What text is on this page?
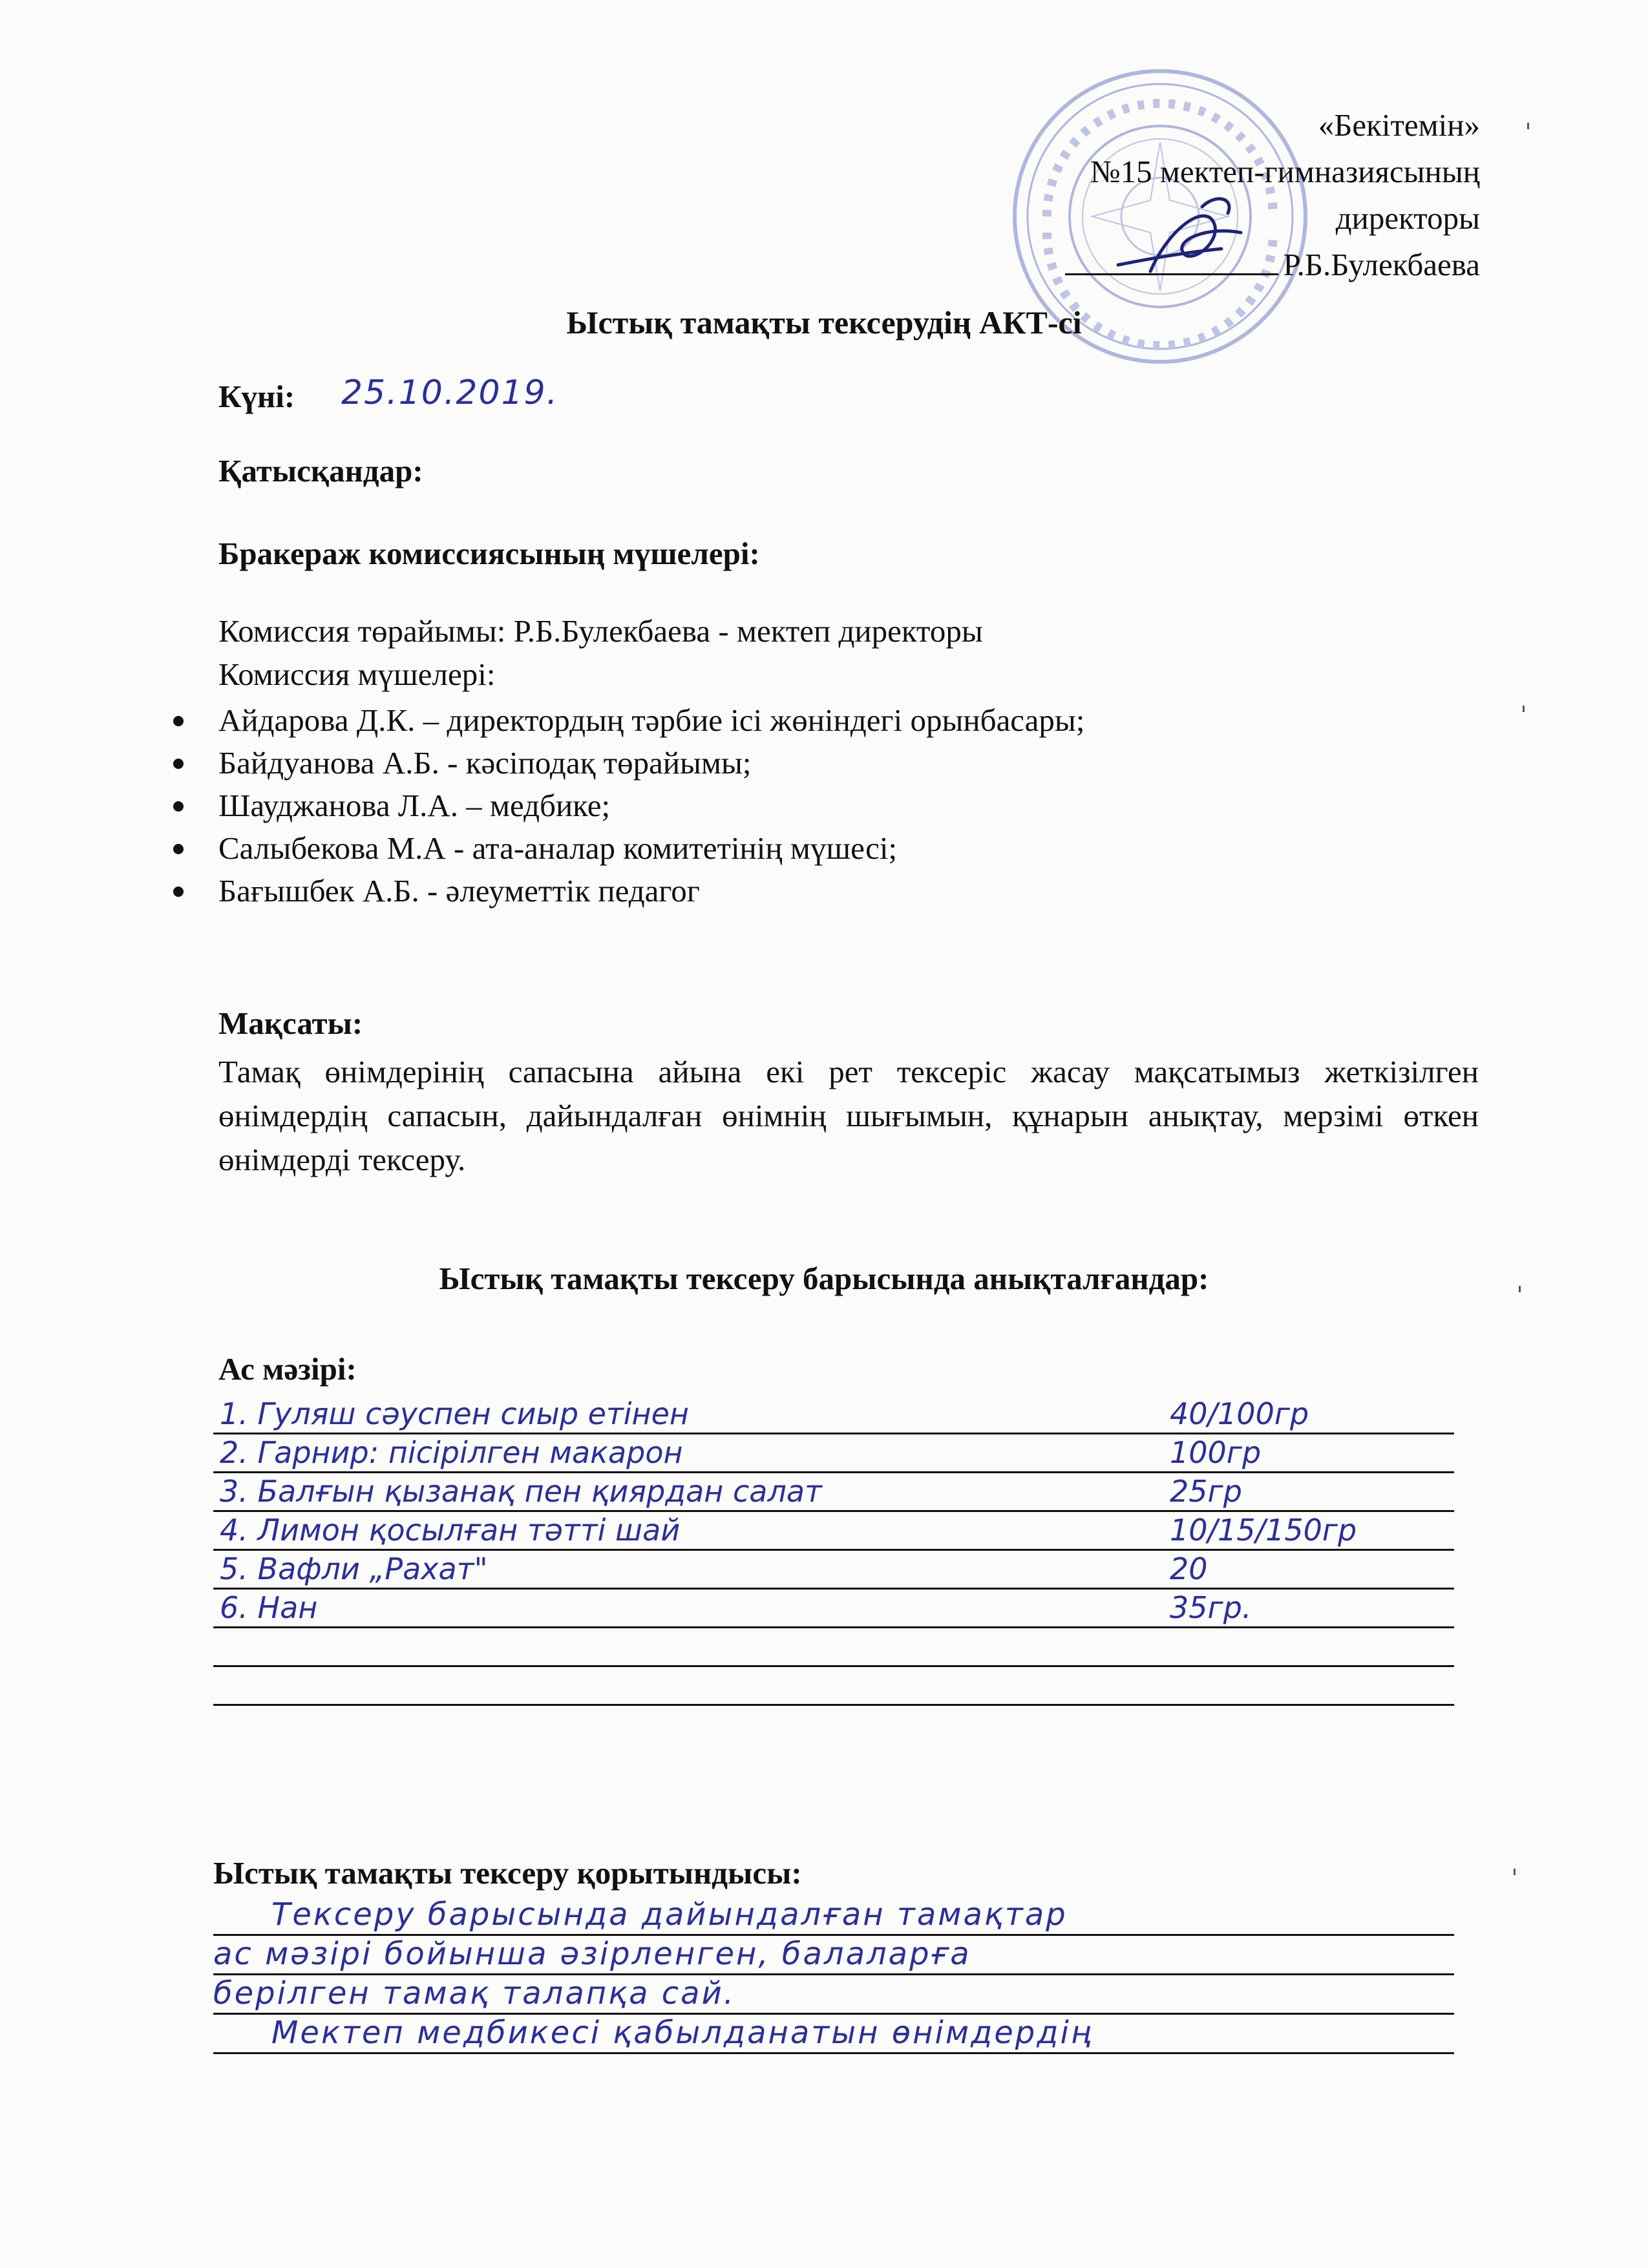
«Бекітемін»
№15 мектеп-гимназиясының
директоры
Р.Б.Булекбаева
Ыстық тамақты тексерудің АКТ-сі
Күні: 25.10.2019.
Қатысқандар:
Бракераж комиссиясының мүшелері:
Комиссия төрайымы: Р.Б.Булекбаева - мектеп директоры
Комиссия мүшелері:
Айдарова Д.К. – директордың тәрбие ісі жөніндегі орынбасары;
Байдуанова А.Б. - кәсіподақ төрайымы;
Шауджанова Л.А. – медбике;
Салыбекова М.А - ата-аналар комитетінің мүшесі;
Бағышбек А.Б. - әлеуметтік педагог
Мақсаты:
Тамақ өнімдерінің сапасына айына екі рет тексеріс жасау мақсатымыз жеткізілген өнімдердің сапасын, дайындалған өнімнің шығымын, құнарын анықтау, мерзімі өткен өнімдерді тексеру.
Ыстық тамақты тексеру барысында анықталғандар:
Ас мәзірі:
1. Гуляш сәуспен сиыр етінен	40/100гр
2. Гарнир: пісірілген макарон	100гр
3. Балғын қызанақ пен қиярдан салат	25гр
4. Лимон қосылған тәтті шай	10/15/150гр
5. Вафли „Рахат"	20
6. Нан	35гр.
Ыстық тамақты тексеру қорытындысы:
Тексеру барысында дайындалған тамақтар
ас мәзірі бойынша әзірленген, балаларға
берілген тамақ талапқа сай.
Мектеп медбикесі қабылданатын өнімдердің
